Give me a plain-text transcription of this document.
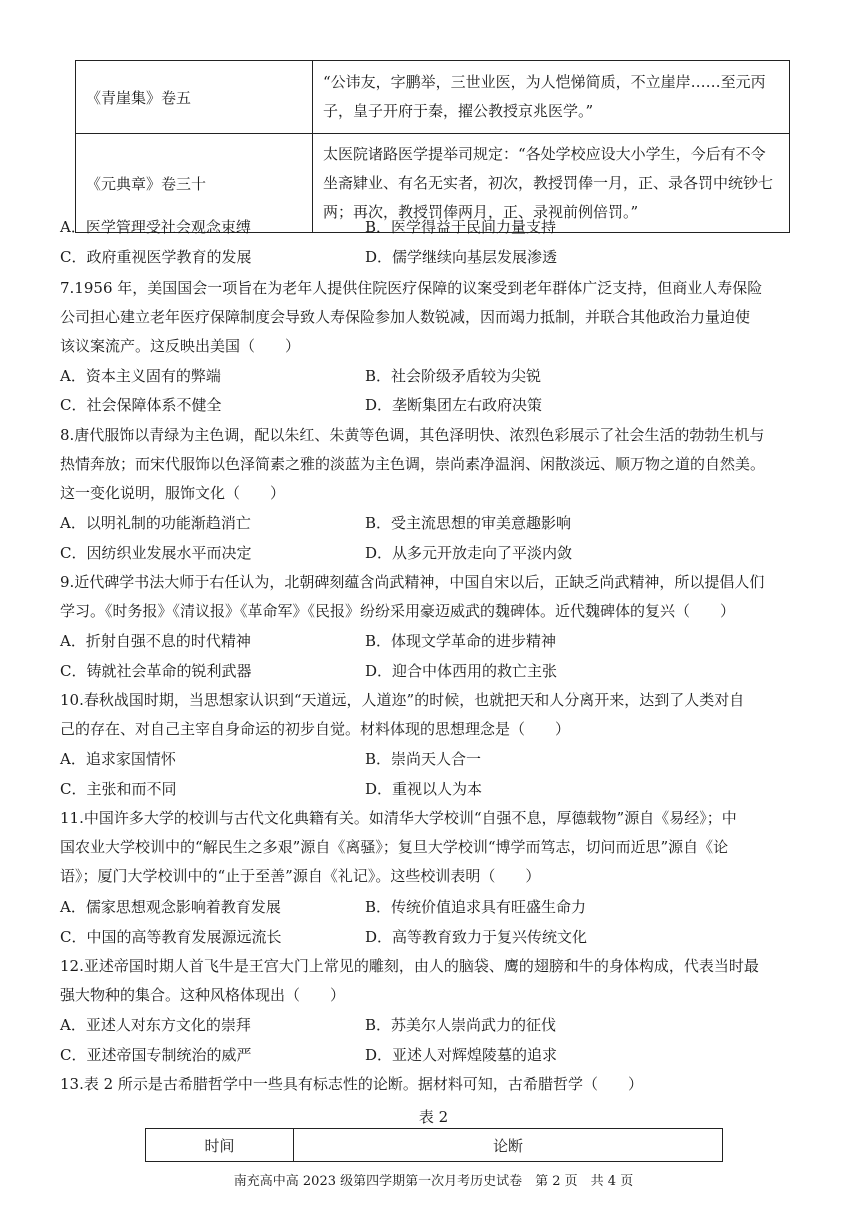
《青崖集》卷五	“公讳友，字鹏举，三世业医，为人恺悌简质，不立崖岸……至元丙子，皇子开府于秦，擢公教授京兆医学。”
《元典章》卷三十	太医院诸路医学提举司规定：“各处学校应设大小学生，今后有不令坐斋肄业、有名无实者，初次，教授罚俸一月，正、录各罚中统钞七两；再次，教授罚俸两月，正、录视前例倍罚。”
A．医学管理受社会观念束缚	B．医学得益于民间力量支持
C．政府重视医学教育的发展	D．儒学继续向基层发展渗透
7.1956 年，美国国会一项旨在为老年人提供住院医疗保障的议案受到老年群体广泛支持，但商业人寿保险
公司担心建立老年医疗保障制度会导致人寿保险参加人数锐减，因而竭力抵制，并联合其他政治力量迫使
该议案流产。这反映出美国（　　）
A．资本主义固有的弊端	B．社会阶级矛盾较为尖锐
C．社会保障体系不健全	D．垄断集团左右政府决策
8.唐代服饰以青绿为主色调，配以朱红、朱黄等色调，其色泽明快、浓烈色彩展示了社会生活的勃勃生机与
热情奔放；而宋代服饰以色泽简素之雅的淡蓝为主色调，崇尚素净温润、闲散淡远、顺万物之道的自然美。
这一变化说明，服饰文化（　　）
A．以明礼制的功能渐趋消亡	B．受主流思想的审美意趣影响
C．因纺织业发展水平而决定	D．从多元开放走向了平淡内敛
9.近代碑学书法大师于右任认为，北朝碑刻蕴含尚武精神，中国自宋以后，正缺乏尚武精神，所以提倡人们
学习。《时务报》《清议报》《革命军》《民报》纷纷采用豪迈威武的魏碑体。近代魏碑体的复兴（　　）
A．折射自强不息的时代精神	B．体现文学革命的进步精神
C．铸就社会革命的锐利武器	D．迎合中体西用的救亡主张
10.春秋战国时期，当思想家认识到“天道远，人道迩”的时候，也就把天和人分离开来，达到了人类对自
己的存在、对自己主宰自身命运的初步自觉。材料体现的思想理念是（　　）
A．追求家国情怀	B．崇尚天人合一
C．主张和而不同	D．重视以人为本
11.中国许多大学的校训与古代文化典籍有关。如清华大学校训“自强不息，厚德载物”源自《易经》；中
国农业大学校训中的“解民生之多艰”源自《离骚》；复旦大学校训“博学而笃志，切问而近思”源自《论
语》；厦门大学校训中的“止于至善”源自《礼记》。这些校训表明（　　）
A．儒家思想观念影响着教育发展	B．传统价值追求具有旺盛生命力
C．中国的高等教育发展源远流长	D．高等教育致力于复兴传统文化
12.亚述帝国时期人首飞牛是王宫大门上常见的雕刻，由人的脑袋、鹰的翅膀和牛的身体构成，代表当时最
强大物种的集合。这种风格体现出（　　）
A．亚述人对东方文化的崇拜	B．苏美尔人崇尚武力的征伐
C．亚述帝国专制统治的威严	D．亚述人对辉煌陵墓的追求
13.表 2 所示是古希腊哲学中一些具有标志性的论断。据材料可知，古希腊哲学（　　）
表 2
时间	论断
南充高中高 2023 级第四学期第一次月考历史试卷　第 2 页　共 4 页
